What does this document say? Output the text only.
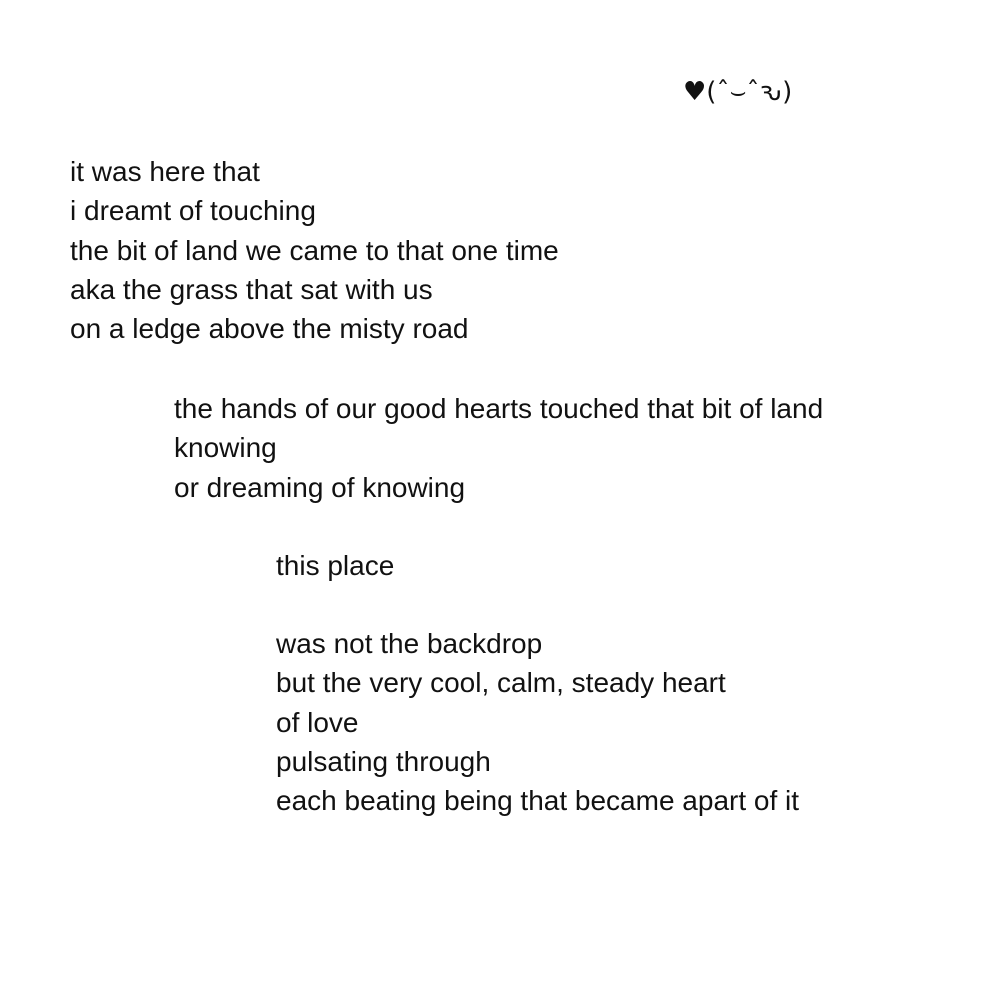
♥(ˆ⌣ˆԅ)
it was here that
i dreamt of touching
the bit of land we came to that one time
aka the grass that sat with us
on a ledge above the misty road
the hands of our good hearts touched that bit of land
knowing
or dreaming of knowing
this place
was not the backdrop
but the very cool, calm, steady heart
of love
pulsating through
each beating being that became apart of it
